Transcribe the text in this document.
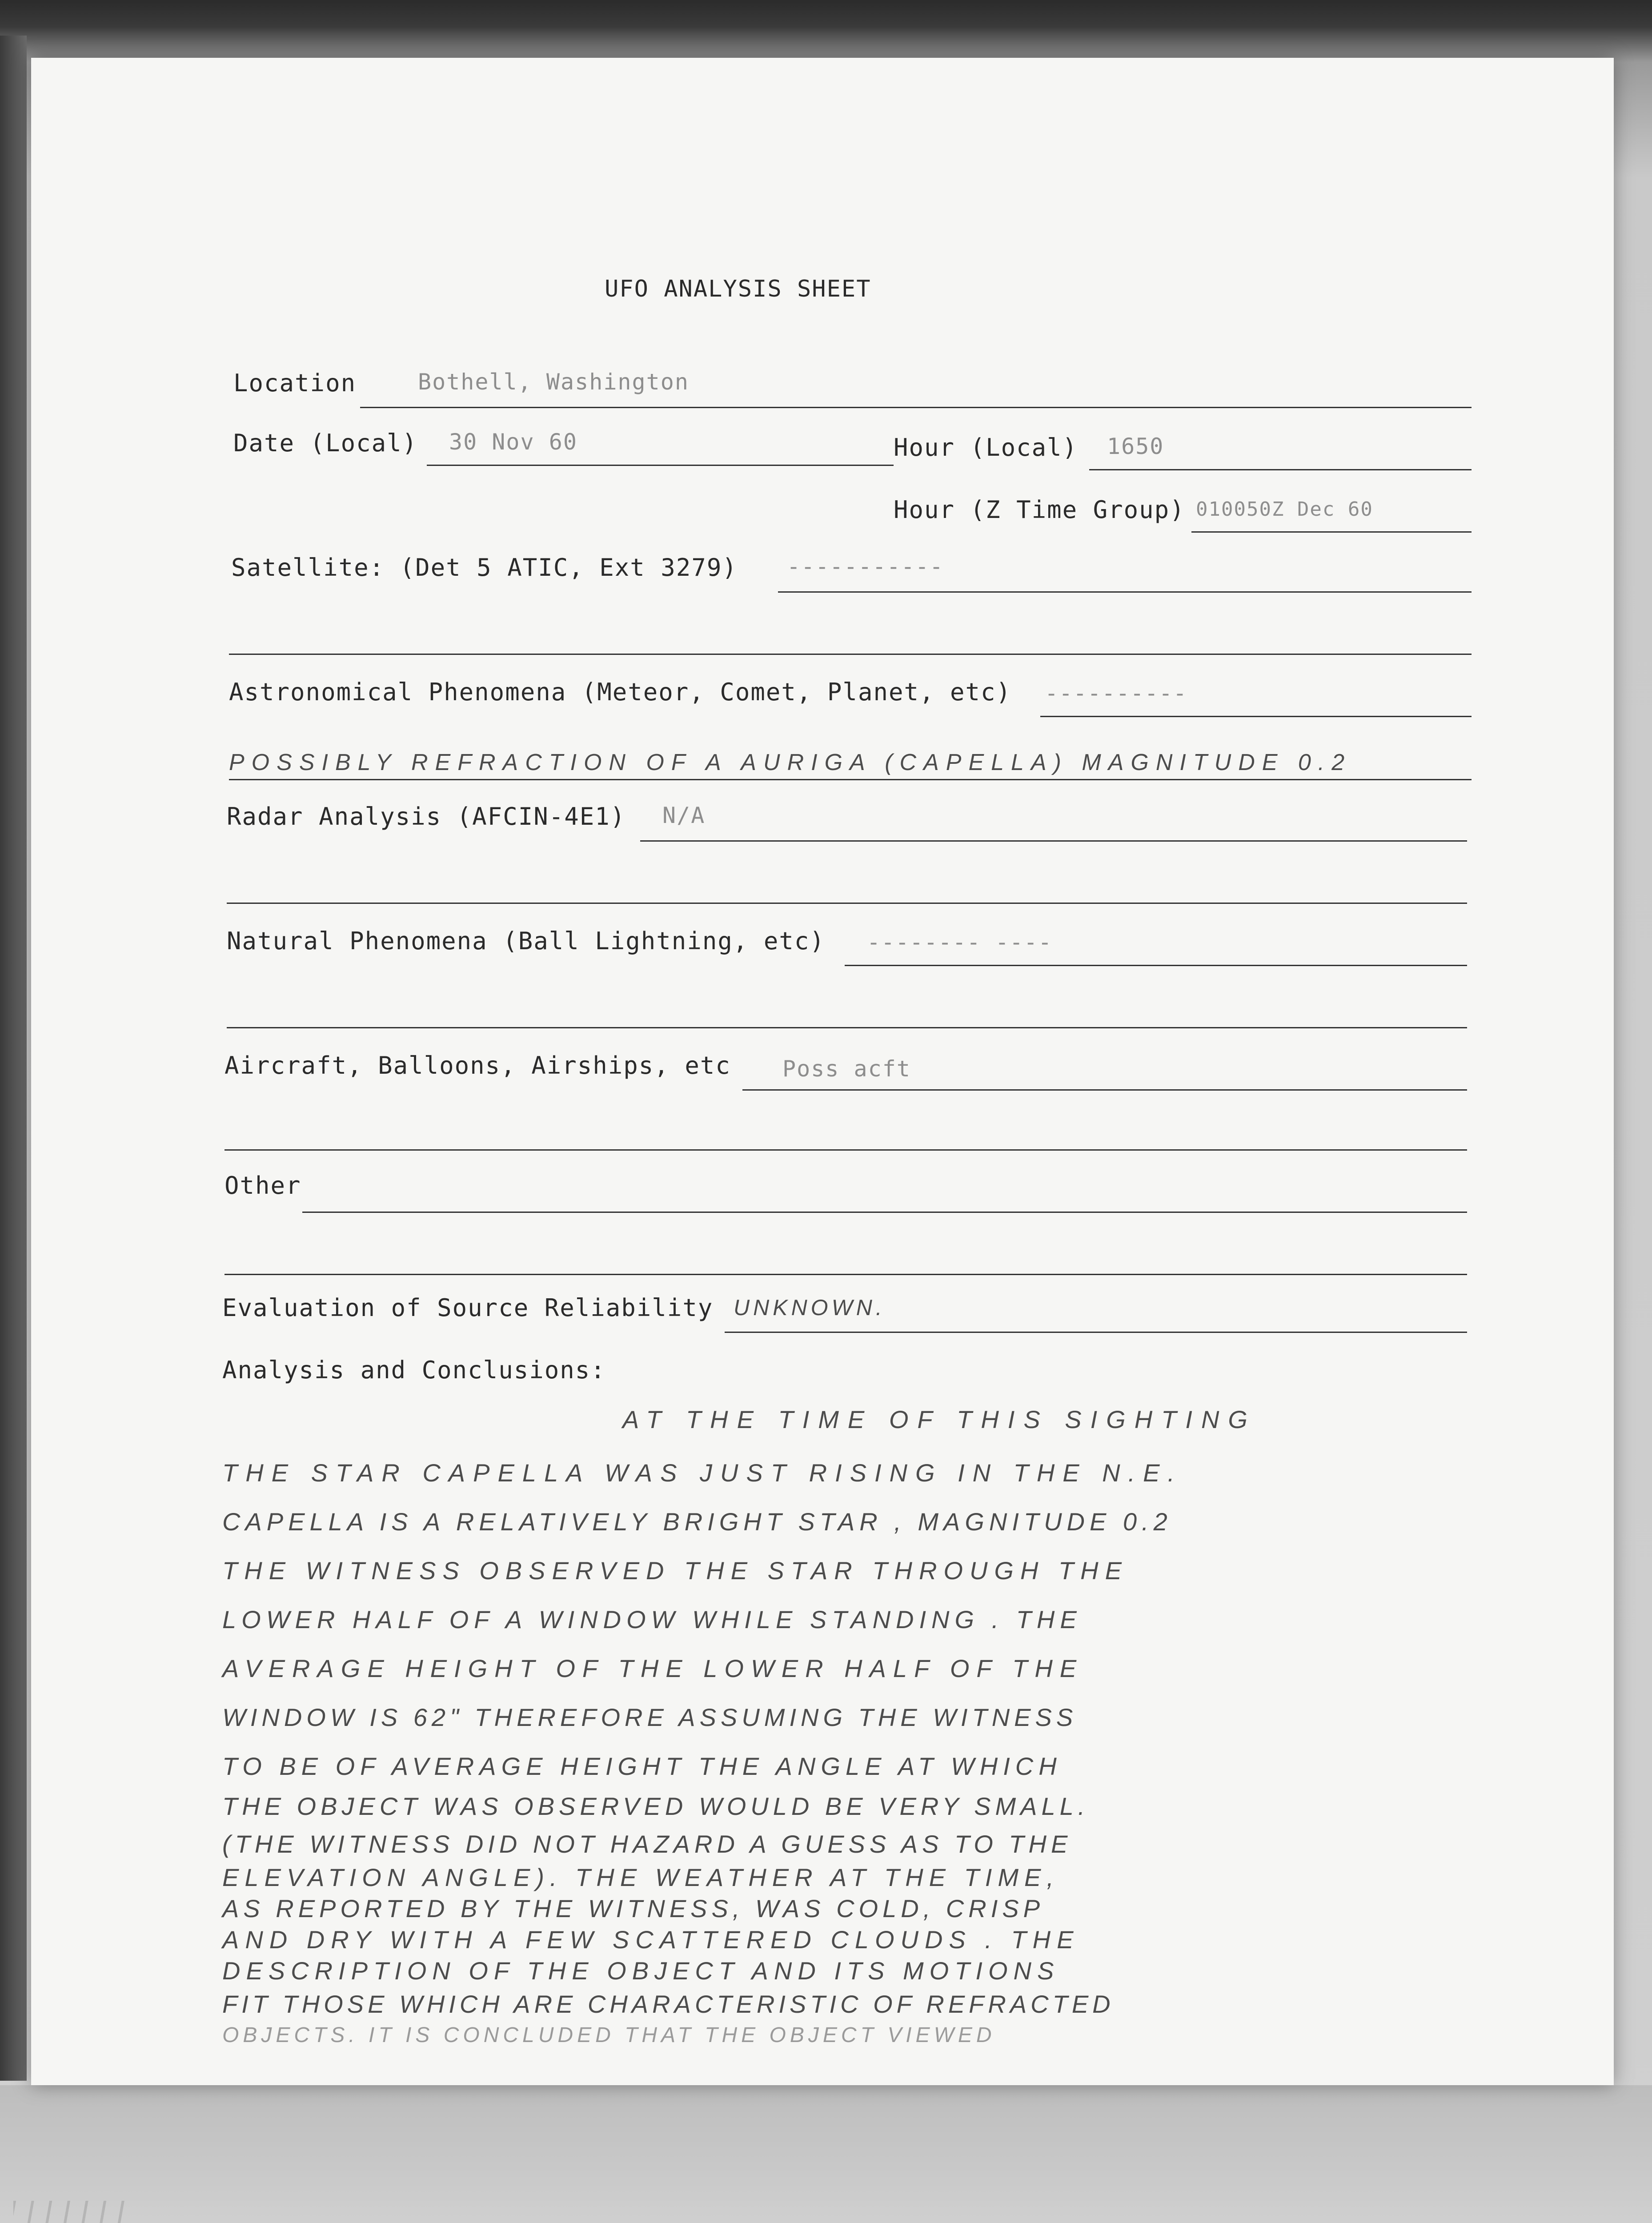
UFO ANALYSIS SHEET
Location	Bothell, Washington
Date (Local) 30 Nov 60	Hour (Local) 1650
Hour (Z Time Group) 010050Z Dec 60
Satellite: (Det 5 ATIC, Ext 3279) -----------
Astronomical Phenomena (Meteor, Comet, Planet, etc) ----------
POSSIBLY REFRACTION OF Α AURIGA (CAPELLA) MAGNITUDE 0.2
Radar Analysis (AFCIN-4E1) N/A
Natural Phenomena (Ball Lightning, etc) -------- ----
Aircraft, Balloons, Airships, etc Poss acft
Other
Evaluation of Source Reliability UNKNOWN.
Analysis and Conclusions:
AT THE TIME OF THIS SIGHTING
THE STAR CAPELLA WAS JUST RISING IN THE N.E.
CAPELLA IS A RELATIVELY BRIGHT STAR , MAGNITUDE 0.2
THE WITNESS OBSERVED THE STAR THROUGH THE
LOWER HALF OF A WINDOW WHILE STANDING . THE
AVERAGE HEIGHT OF THE LOWER HALF OF THE
WINDOW IS 62" THEREFORE ASSUMING THE WITNESS
TO BE OF AVERAGE HEIGHT THE ANGLE AT WHICH
THE OBJECT WAS OBSERVED WOULD BE VERY SMALL.
(THE WITNESS DID NOT HAZARD A GUESS AS TO THE
ELEVATION ANGLE). THE WEATHER AT THE TIME,
AS REPORTED BY THE WITNESS, WAS COLD, CRISP
AND DRY WITH A FEW SCATTERED CLOUDS . THE
DESCRIPTION OF THE OBJECT AND ITS MOTIONS
FIT THOSE WHICH ARE CHARACTERISTIC OF REFRACTED
OBJECTS. IT IS CONCLUDED THAT THE OBJECT VIEWED
